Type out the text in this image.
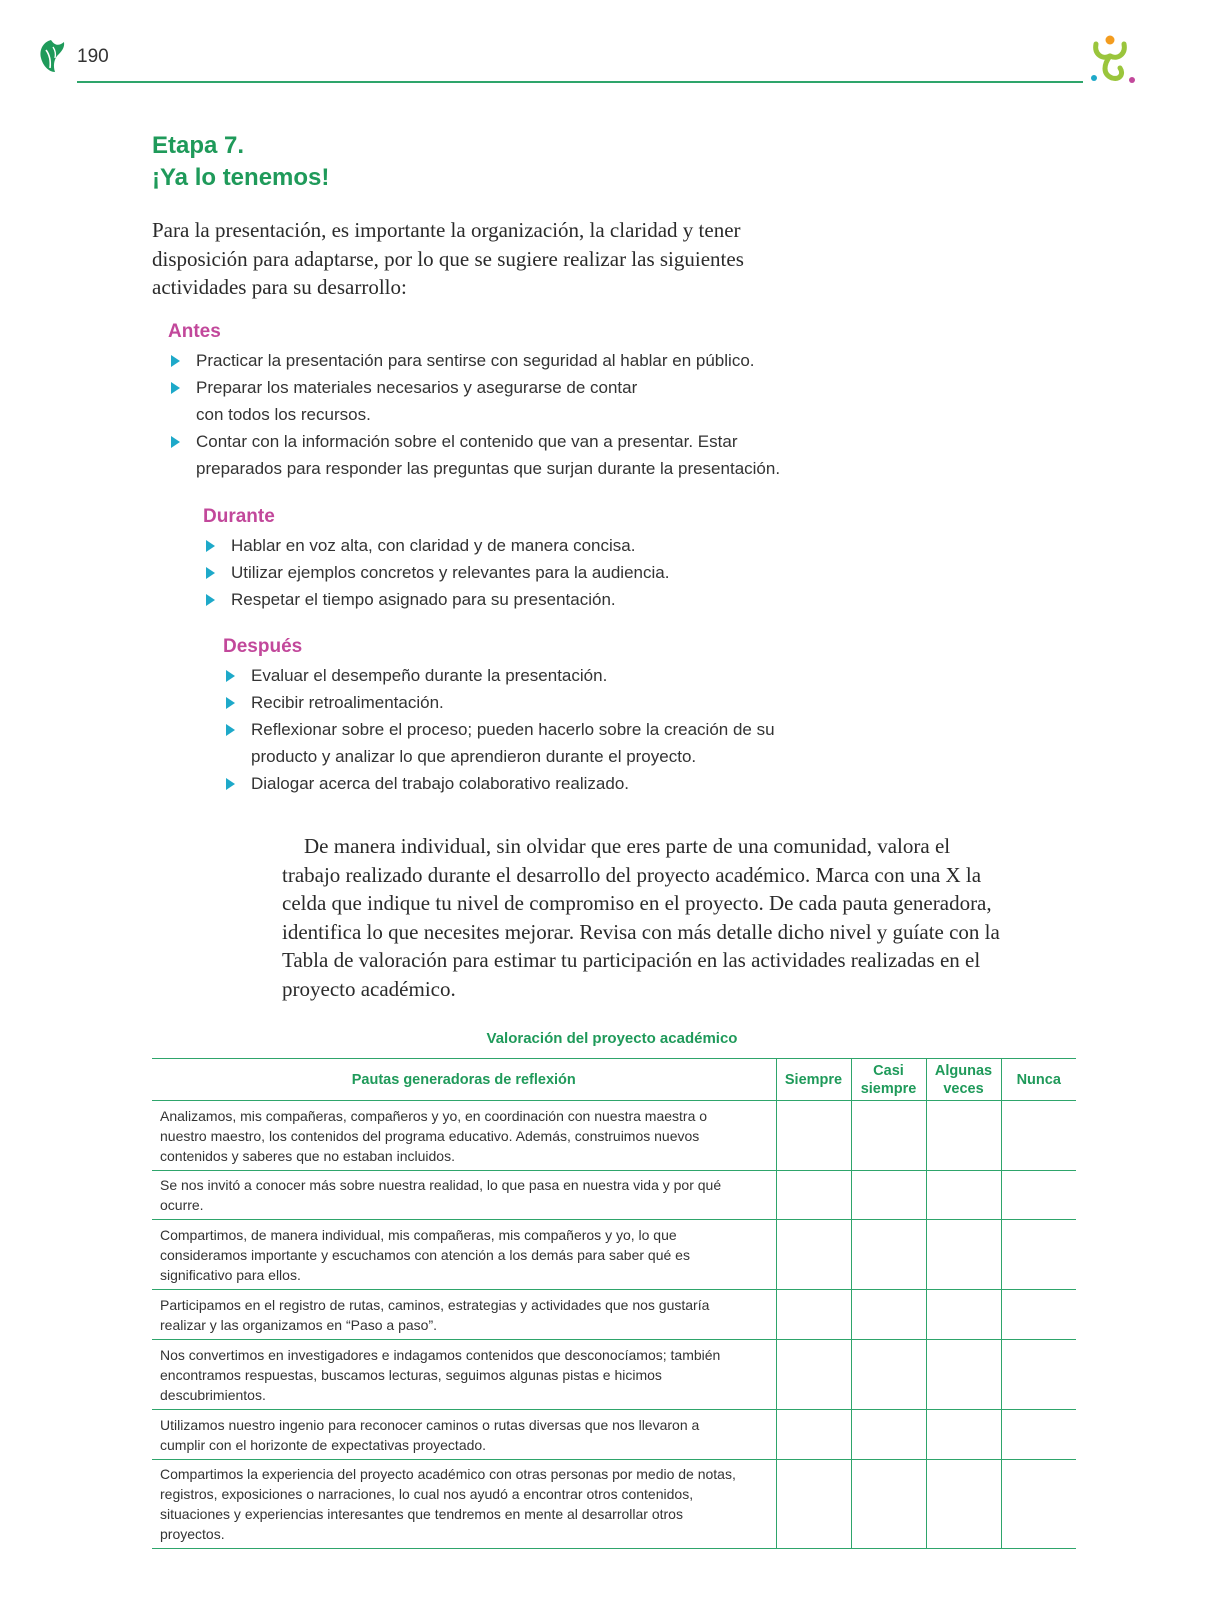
190
Etapa 7.
¡Ya lo tenemos!

Para la presentación, es importante la organización, la claridad y tener disposición para adaptarse, por lo que se sugiere realizar las siguientes actividades para su desarrollo:

Antes
Practicar la presentación para sentirse con seguridad al hablar en público.
Preparar los materiales necesarios y asegurarse de contar con todos los recursos.
Contar con la información sobre el contenido que van a presentar. Estar preparados para responder las preguntas que surjan durante la presentación.
Durante
Hablar en voz alta, con claridad y de manera concisa.
Utilizar ejemplos concretos y relevantes para la audiencia.
Respetar el tiempo asignado para su presentación.
Después
Evaluar el desempeño durante la presentación.
Recibir retroalimentación.
Reflexionar sobre el proceso; pueden hacerlo sobre la creación de su producto y analizar lo que aprendieron durante el proyecto.
Dialogar acerca del trabajo colaborativo realizado.

De manera individual, sin olvidar que eres parte de una comunidad, valora el trabajo realizado durante el desarrollo del proyecto académico. Marca con una X la celda que indique tu nivel de compromiso en el proyecto. De cada pauta generadora, identifica lo que necesites mejorar. Revisa con más detalle dicho nivel y guíate con la Tabla de valoración para estimar tu participación en las actividades realizadas en el proyecto académico.

Valoración del proyecto académico
Pautas generadoras de reflexión	Siempre	Casi siempre	Algunas veces	Nunca
Analizamos, mis compañeras, compañeros y yo, en coordinación con nuestra maestra o nuestro maestro, los contenidos del programa educativo. Además, construimos nuevos contenidos y saberes que no estaban incluidos.				
Se nos invitó a conocer más sobre nuestra realidad, lo que pasa en nuestra vida y por qué ocurre.				
Compartimos, de manera individual, mis compañeras, mis compañeros y yo, lo que consideramos importante y escuchamos con atención a los demás para saber qué es significativo para ellos.				
Participamos en el registro de rutas, caminos, estrategias y actividades que nos gustaría realizar y las organizamos en “Paso a paso”.				
Nos convertimos en investigadores e indagamos contenidos que desconocíamos; también encontramos respuestas, buscamos lecturas, seguimos algunas pistas e hicimos descubrimientos.				
Utilizamos nuestro ingenio para reconocer caminos o rutas diversas que nos llevaron a cumplir con el horizonte de expectativas proyectado.				
Compartimos la experiencia del proyecto académico con otras personas por medio de notas, registros, exposiciones o narraciones, lo cual nos ayudó a encontrar otros contenidos, situaciones y experiencias interesantes que tendremos en mente al desarrollar otros proyectos.				
